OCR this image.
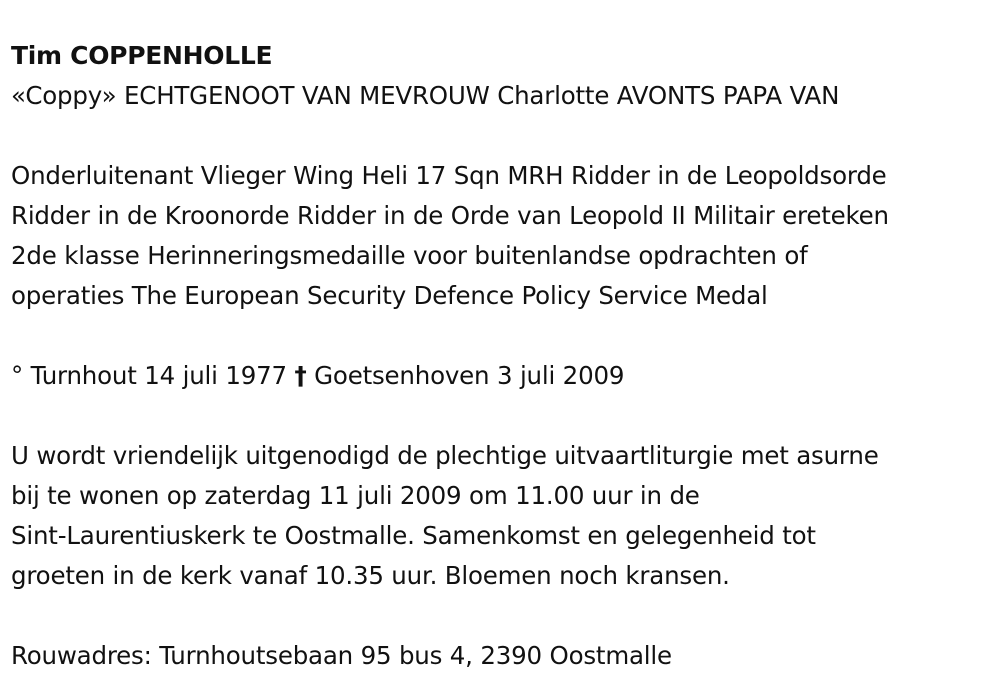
Tim COPPENHOLLE

«Coppy» ECHTGENOOT VAN MEVROUW Charlotte AVONTS PAPA VAN

Onderluitenant Vlieger Wing Heli 17 Sqn MRH Ridder in de Leopoldsorde

Ridder in de Kroonorde Ridder in de Orde van Leopold II Militair ereteken

2de klasse Herinneringsmedaille voor buitenlandse opdrachten of

operaties The European Security Defence Policy Service Medal

° Turnhout 14 juli 1977 † Goetsenhoven 3 juli 2009

U wordt vriendelijk uitgenodigd de plechtige uitvaartliturgie met asurne

bij te wonen op zaterdag 11 juli 2009 om 11.00 uur in de

Sint-Laurentiuskerk te Oostmalle. Samenkomst en gelegenheid tot

groeten in de kerk vanaf 10.35 uur. Bloemen noch kransen.

Rouwadres: Turnhoutsebaan 95 bus 4, 2390 Oostmalle
